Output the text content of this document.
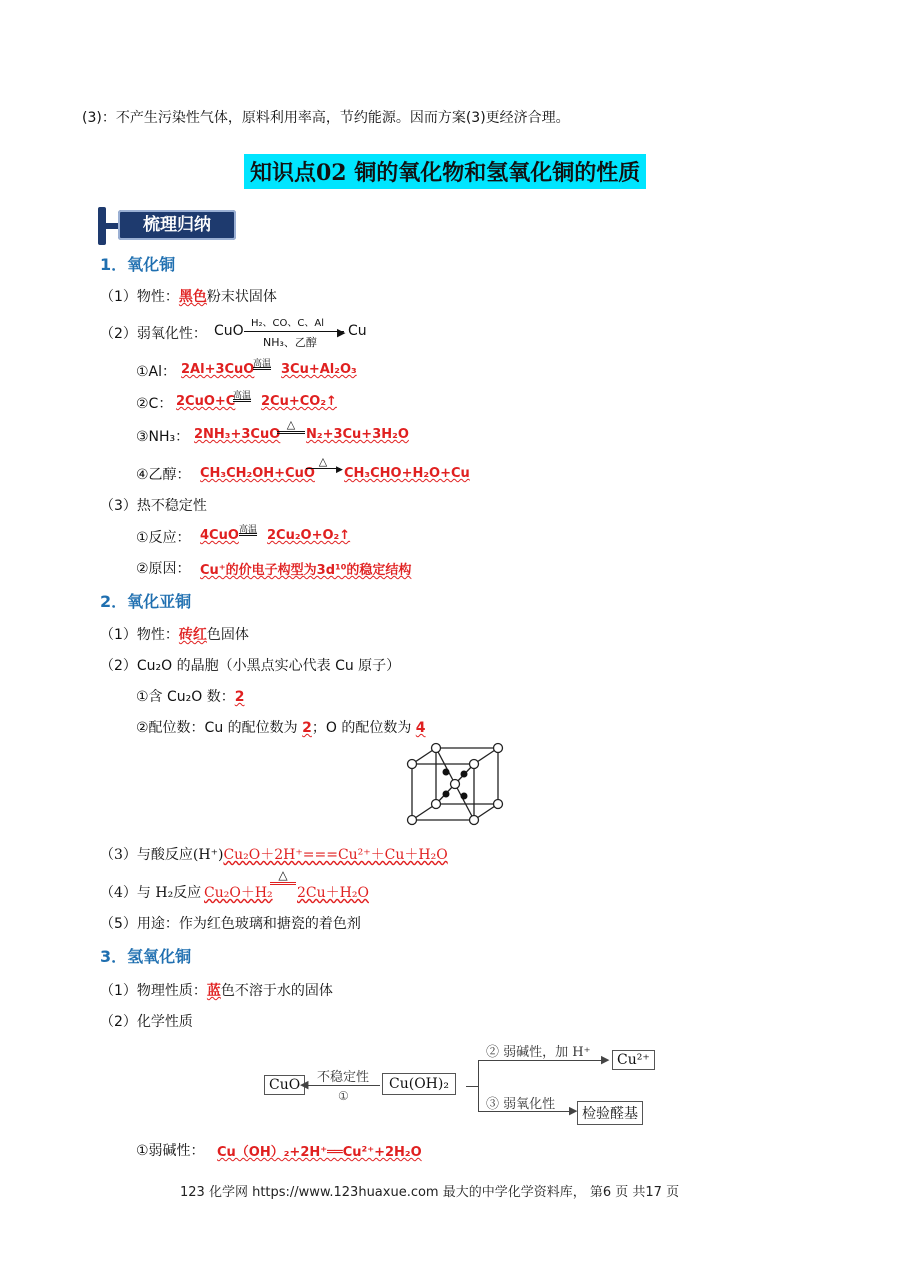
(3)：不产生污染性气体，原料利用率高，节约能源。因而方案(3)更经济合理。
知识点02 铜的氧化物和氢氧化铜的性质
梳理归纳
1．氧化铜
（1）物性：黑色粉末状固体
（2）弱氧化性： CuO H₂、CO、C、Al
▶
NH₃、乙醇
Cu
①Al： 2Al+3CuO
高温 3Cu+Al₂O₃
②C： 2CuO+C
高温 2Cu+CO₂↑
③NH₃： 2NH₃+3CuO
△
N₂+3Cu+3H₂O
④乙醇： CH₃CH₂OH+CuO
△
▶ CH₃CHO+H₂O+Cu
（3）热不稳定性
①反应： 4CuO 高温 2Cu₂O+O₂↑
②原因： Cu⁺的价电子构型为3d¹⁰的稳定结构
2．氧化亚铜
（1）物性：砖红色固体
（2）Cu₂O 的晶胞（小黑点实心代表 Cu 原子）
①含 Cu₂O 数：2
②配位数：Cu 的配位数为 2；O 的配位数为 4
（3）与酸反应(H⁺)Cu₂O＋2H⁺===Cu²⁺＋Cu＋H₂O
（4）与 H₂反应 Cu₂O＋H₂
△
2Cu＋H₂O
（5）用途：作为红色玻璃和搪瓷的着色剂
3．氢氧化铜
（1）物理性质：蓝色不溶于水的固体
（2）化学性质
CuO	Cu(OH)₂
◀ 不稳定性
①
▶
▶
② 弱碱性，加 H⁺	Cu²⁺
③ 弱氧化性
检验醛基
①弱碱性： Cu（OH）₂+2H⁺══Cu²⁺+2H₂O
123 化学网 https://www.123huaxue.com 最大的中学化学资料库， 第6 页 共17 页
